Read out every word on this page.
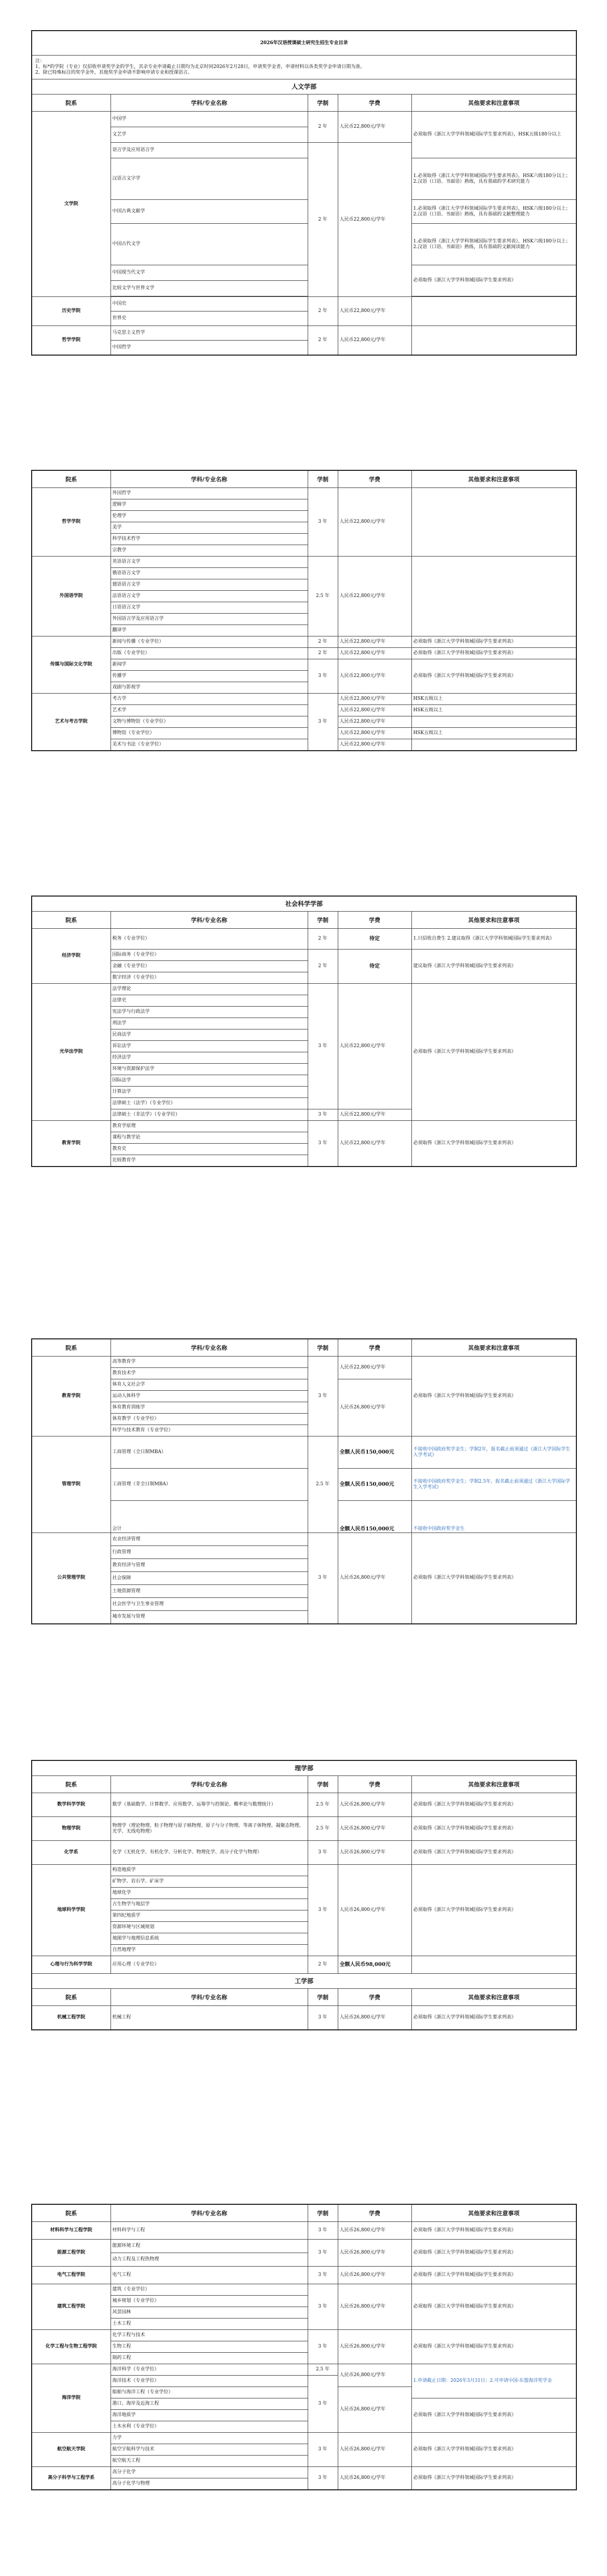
2026年汉语授课硕士研究生招生专业目录				

注：
1、标*的学院（专业）仅招收申请奖学金的学生，其余专业申请截止日期均为北京时间2026年2月28日，申请奖学金者，申请材料以各类奖学金申请日期为准。
2、除已特殊标注的奖学金外，其他奖学金申请不影响申请专业和授课语言。				

人文学部				
院系	学科/专业名称	学制	学费	其他要求和注意事项
文学院	中国学	2 年	人民币22,800元/学年	必须取得《浙江大学学科领域国际学生要求列表》，HSK五级180分以上
	文艺学			
	语言学及应用语言学	2 年	人民币22,800元/学年	
	汉语言文字学			1.必须取得《浙江大学学科领域国际学生要求列表》，HSK六级180分以上；2.汉语（口语、书面语）熟练，具有基础的学术研究能力
	中国古典文献学			1.必须取得《浙江大学学科领域国际学生要求列表》，HSK六级180分以上；2.汉语（口语、书面语）熟练，具有基础的文献整理能力
	中国古代文学			1.必须取得《浙江大学学科领域国际学生要求列表》，HSK六级180分以上；2.汉语（口语、书面语）熟练，具有基础的文献阅读能力
	中国现当代文学			必须取得《浙江大学学科领域国际学生要求列表》
	比较文学与世界文学			

历史学院	中国史	2 年	人民币22,800元/学年	
	世界史			
哲学学院	马克思主义哲学	2 年	人民币22,800元/学年	
	中国哲学			
院系	学科/专业名称	学制	学费	其他要求和注意事项
哲学学院	外国哲学	3 年	人民币22,800元/学年	
	逻辑学			
	伦理学			
	美学			
	科学技术哲学			
	宗教学			
外国语学院	英语语言文学	2.5 年	人民币22,800元/学年	
	俄语语言文学			
	德语语言文学			
	法语语言文学			
	日语语言文学			
	外国语言学及应用语言学			
	翻译学			
传媒与国际文化学院	新闻与传播（专业学位）	2 年	人民币22,800元/学年	必须取得《浙江大学学科领域国际学生要求列表》
	出版（专业学位）	2 年	人民币22,800元/学年	必须取得《浙江大学学科领域国际学生要求列表》
	新闻学	3 年	人民币22,800元/学年	必须取得《浙江大学学科领域国际学生要求列表》
	传播学			
	戏剧与影视学			
艺术与考古学院	考古学	3 年	人民币22,800元/学年	HSK五级以上
	艺术学		人民币22,800元/学年	HSK五级以上
	文物与博物馆（专业学位）		人民币22,800元/学年	
	博物馆（专业学位）		人民币22,800元/学年	HSK五级以上
	美术与书法（专业学位）		人民币22,800元/学年	
社会科学学部				
院系	学科/专业名称	学制	学费	其他要求和注意事项
经济学院	税务（专业学位）	2 年	待定	1.只招收自费生 2.建议取得《浙江大学学科领域国际学生要求列表》
	国际商务（专业学位）	2 年	待定	建议取得《浙江大学学科领域国际学生要求列表》
	金融（专业学位）			
	数字经济（专业学位）			
光华法学院	法学理论	3 年	人民币22,800元/学年	必须取得《浙江大学学科领域国际学生要求列表》
	法律史			
	宪法学与行政法学			
	刑法学			
	民商法学			
	诉讼法学			
	经济法学			
	环境与资源保护法学			
	国际法学			
	计算法学			
	法律硕士（法学）（专业学位）			
	法律硕士（非法学）（专业学位）	3 年	人民币22,800元/学年	
教育学院	教育学原理	3 年	人民币22,800元/学年	必须取得《浙江大学学科领域国际学生要求列表》
	课程与教学论			
	教育史			
	比较教育学			
院系	学科/专业名称	学制	学费	其他要求和注意事项
教育学院	高等教育学	3 年	人民币22,800元/学年	必须取得《浙江大学学科领域国际学生要求列表》
	教育技术学			
	体育人文社会学		人民币26,800元/学年	
	运动人体科学			
	体育教育训练学			
	体育教学（专业学位）			
	科学与技术教育（专业学位）			
管理学院	工商管理（全日制MBA）	2.5 年	全额人民币150,000元	不接收中国政府奖学金生；学制2年，报名截止前须通过《浙江大学国际学生入学考试》
	工商管理（非全日制MBA）		全额人民币150,000元	不接收中国政府奖学金生；学制2.5年，报名截止前须通过《浙江大学国际学生入学考试》
	会计		全额人民币150,000元	不接收中国政府奖学金生
公共管理学院	农业经济管理	3 年	人民币26,800元/学年	必须取得《浙江大学学科领域国际学生要求列表》
	行政管理			
	教育经济与管理			
	社会保障			
	土地资源管理			
	社会医学与卫生事业管理			
	城市发展与管理			
理学部				
院系	学科/专业名称	学制	学费	其他要求和注意事项
数学科学学院	数学（基础数学、计算数学、应用数学、运筹学与控制论、概率论与数理统计）	2.5 年	人民币26,800元/学年	必须取得《浙江大学学科领域国际学生要求列表》
物理学院	物理学（理论物理、粒子物理与原子核物理、原子与分子物理、等离子体物理、凝聚态物理、光学、无线电物理）	2.5 年	人民币26,800元/学年	必须取得《浙江大学学科领域国际学生要求列表》
化学系	化学（无机化学、有机化学、分析化学、物理化学、高分子化学与物理）	3 年	人民币26,800元/学年	必须取得《浙江大学学科领域国际学生要求列表》
地球科学学院	构造地质学	3 年	人民币26,800元/学年	必须取得《浙江大学学科领域国际学生要求列表》
	矿物学、岩石学、矿床学			
	地球化学			
	古生物学与地层学			
	第四纪地质学			
	资源环境与区域规划			
	地图学与地理信息系统			
	自然地理学			
心理与行为科学学院	应用心理（专业学位）	2 年	全额人民币98,000元	
工学部				
院系	学科/专业名称	学制	学费	其他要求和注意事项
机械工程学院	机械工程	3 年	人民币26,800元/学年	必须取得《浙江大学学科领域国际学生要求列表》
院系	学科/专业名称	学制	学费	其他要求和注意事项
材料科学与工程学院	材料科学与工程	3 年	人民币26,800元/学年	必须取得《浙江大学学科领域国际学生要求列表》
能源工程学院	能源环境工程	3 年	人民币26,800元/学年	必须取得《浙江大学学科领域国际学生要求列表》
	动力工程及工程热物理			
电气工程学院	电气工程	3 年	人民币26,800元/学年	必须取得《浙江大学学科领域国际学生要求列表》
建筑工程学院	建筑（专业学位）	3 年	人民币26,800元/学年	必须取得《浙江大学学科领域国际学生要求列表》
	城乡规划（专业学位）			
	风景园林			
	土木工程			
化学工程与生物工程学院	化学工程与技术	3 年	人民币26,800元/学年	必须取得《浙江大学学科领域国际学生要求列表》
	生物工程			
	制药工程			
海洋学院	海洋科学（专业学位）	2.5 年	人民币26,800元/学年	1.申请截止日期：2026年3月31日；2.可申请中国-东盟海洋奖学金
	海洋技术（专业学位）	3 年		
	船舶与海洋工程（专业学位）		人民币26,800元/学年	
	港口、海岸及近海工程			必须取得《浙江大学学科领域国际学生要求列表》
	海洋地质学			
	土木水利（专业学位）			
航空航天学院	力学	3 年	人民币26,800元/学年	必须取得《浙江大学学科领域国际学生要求列表》
	航空宇航科学与技术			
	航空航天工程			
高分子科学与工程学系	高分子化学	3 年	人民币26,800元/学年	必须取得《浙江大学学科领域国际学生要求列表》
	高分子化学与物理			
